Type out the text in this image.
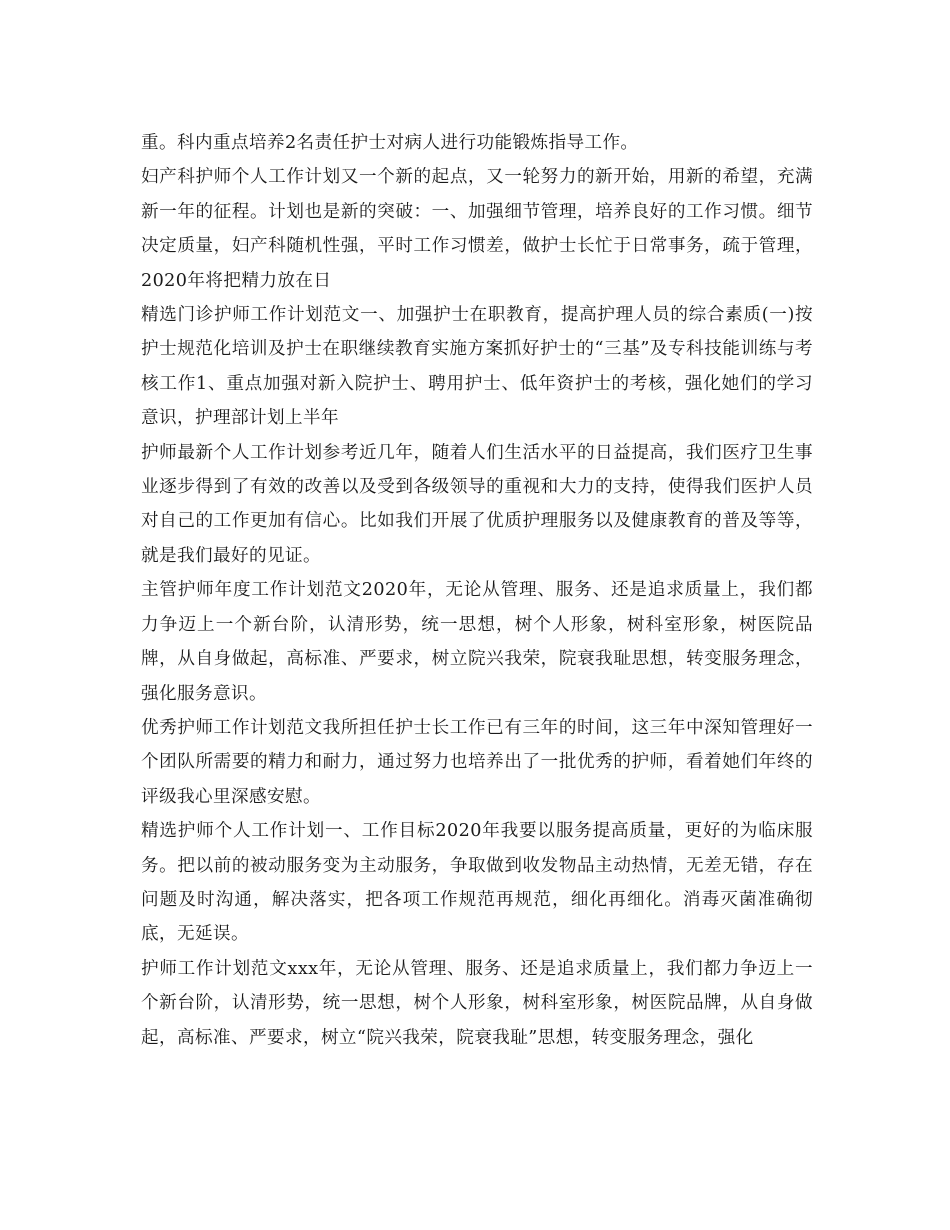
重。科内重点培养2名责任护士对病人进行功能锻炼指导工作。

妇产科护师个人工作计划又一个新的起点，又一轮努力的新开始，用新的希望，充满新一年的征程。计划也是新的突破：一、加强细节管理，培养良好的工作习惯。细节决定质量，妇产科随机性强，平时工作习惯差，做护士长忙于日常事务，疏于管理，2020年将把精力放在日

精选门诊护师工作计划范文一、加强护士在职教育，提高护理人员的综合素质(一)按护士规范化培训及护士在职继续教育实施方案抓好护士的“三基”及专科技能训练与考核工作1、重点加强对新入院护士、聘用护士、低年资护士的考核，强化她们的学习意识，护理部计划上半年

护师最新个人工作计划参考近几年，随着人们生活水平的日益提高，我们医疗卫生事业逐步得到了有效的改善以及受到各级领导的重视和大力的支持，使得我们医护人员对自己的工作更加有信心。比如我们开展了优质护理服务以及健康教育的普及等等，就是我们最好的见证。

主管护师年度工作计划范文2020年，无论从管理、服务、还是追求质量上，我们都力争迈上一个新台阶，认清形势，统一思想，树个人形象，树科室形象，树医院品牌，从自身做起，高标准、严要求，树立院兴我荣，院衰我耻思想，转变服务理念，强化服务意识。

优秀护师工作计划范文我所担任护士长工作已有三年的时间，这三年中深知管理好一个团队所需要的精力和耐力，通过努力也培养出了一批优秀的护师，看着她们年终的评级我心里深感安慰。

精选护师个人工作计划一、工作目标2020年我要以服务提高质量，更好的为临床服务。把以前的被动服务变为主动服务，争取做到收发物品主动热情，无差无错，存在问题及时沟通，解决落实，把各项工作规范再规范，细化再细化。消毒灭菌准确彻底，无延误。

护师工作计划范文xxx年，无论从管理、服务、还是追求质量上，我们都力争迈上一个新台阶，认清形势，统一思想，树个人形象，树科室形象，树医院品牌，从自身做起，高标准、严要求，树立“院兴我荣，院衰我耻”思想，转变服务理念，强化
